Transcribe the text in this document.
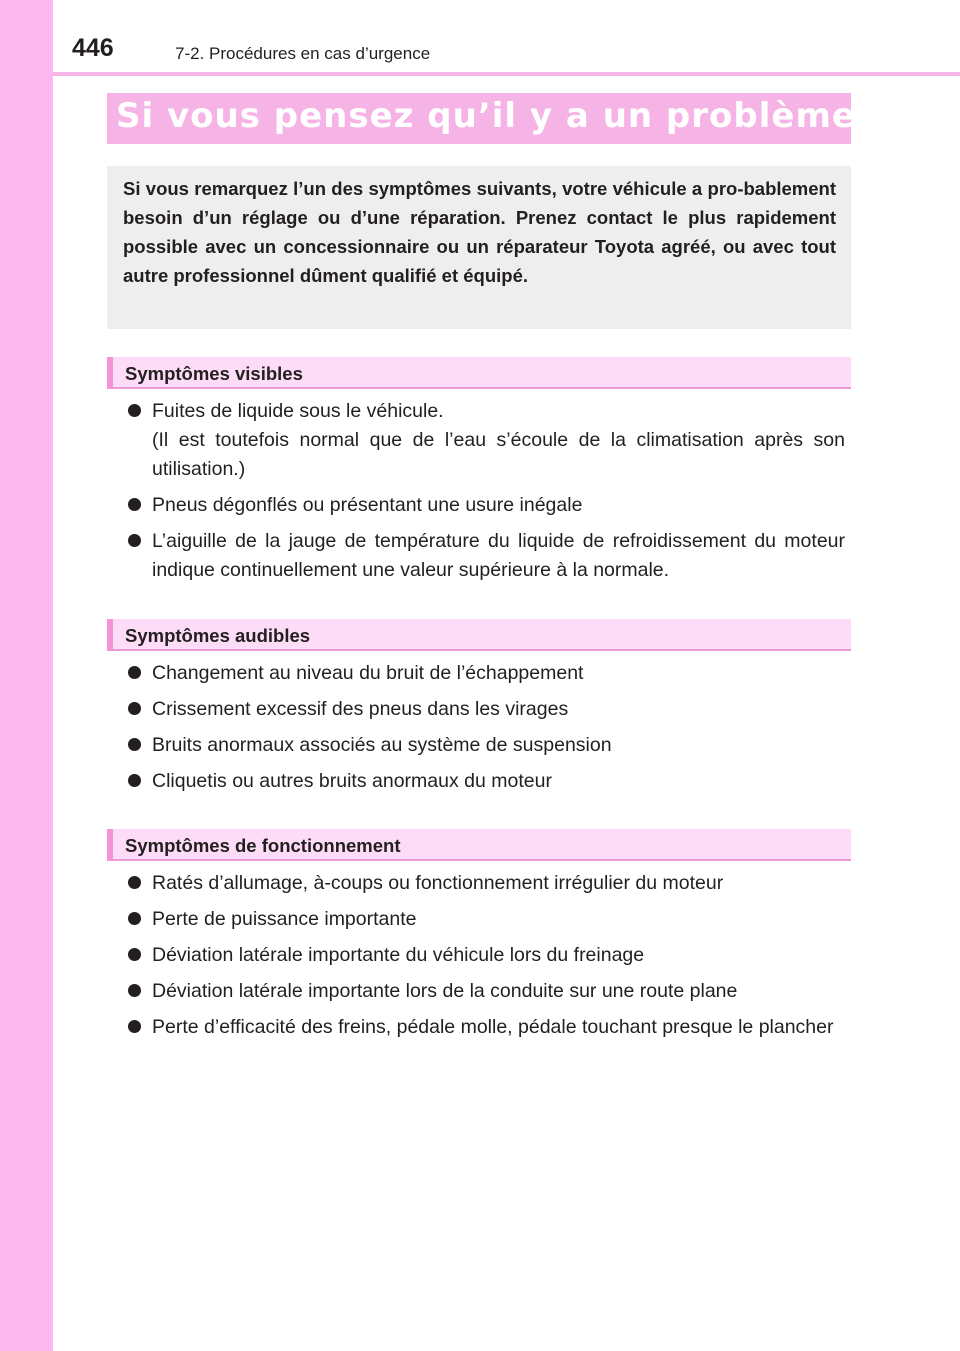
446	7-2. Procédures en cas d’urgence
Si vous pensez qu’il y a un problème

Si vous remarquez l’un des symptômes suivants, votre véhicule a pro-bablement besoin d’un réglage ou d’une réparation. Prenez contact le plus rapidement possible avec un concessionnaire ou un réparateur Toyota agréé, ou avec tout autre professionnel dûment qualifié et équipé.

Symptômes visibles
Fuites de liquide sous le véhicule.
(Il est toutefois normal que de l’eau s’écoule de la climatisation après son utilisation.)
Pneus dégonflés ou présentant une usure inégale
L’aiguille de la jauge de température du liquide de refroidissement du moteur indique continuellement une valeur supérieure à la normale.
Symptômes audibles
Changement au niveau du bruit de l’échappement
Crissement excessif des pneus dans les virages
Bruits anormaux associés au système de suspension
Cliquetis ou autres bruits anormaux du moteur
Symptômes de fonctionnement
Ratés d’allumage, à-coups ou fonctionnement irrégulier du moteur
Perte de puissance importante
Déviation latérale importante du véhicule lors du freinage
Déviation latérale importante lors de la conduite sur une route plane
Perte d’efficacité des freins, pédale molle, pédale touchant presque le plancher
